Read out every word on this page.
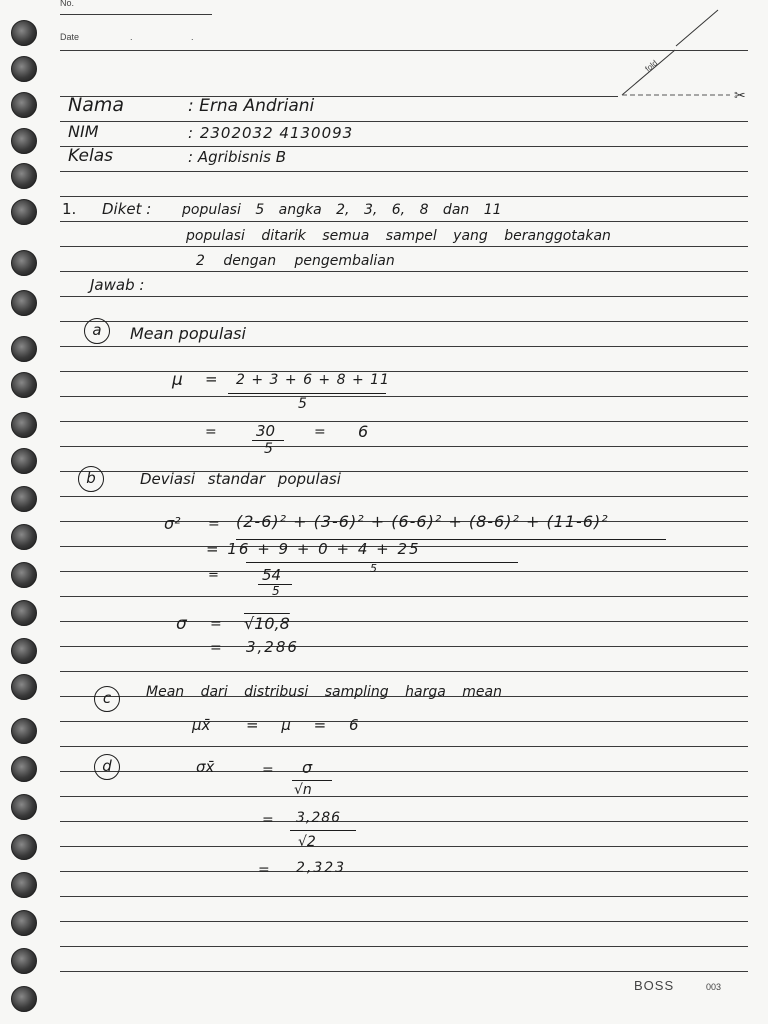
No.
Date	. .
fold
✂
Nama	: Erna Andriani
NIM	: 2302032 4130093
Kelas	: Agribisnis B
1. Diket : populasi 5 angka 2, 3, 6, 8 dan 11
populasi ditarik semua sampel yang beranggotakan
2 dengan pengembalian
Jawab :
a	Mean populasi
μ = 2 + 3 + 6 + 8 + 11
5
=	30
5
= 6
b	Deviasi standar populasi
σ² = (2-6)² + (3-6)² + (6-6)² + (8-6)² + (11-6)²
= 16 + 9 + 0 + 4 + 25
5
=	54
5
σ = √10,8
= 3,286
c	Mean dari distribusi sampling harga mean
μx̄ = μ = 6
d	σx̄	= σ
√n
= 3,286
√2
= 2,323
BOSS	003
